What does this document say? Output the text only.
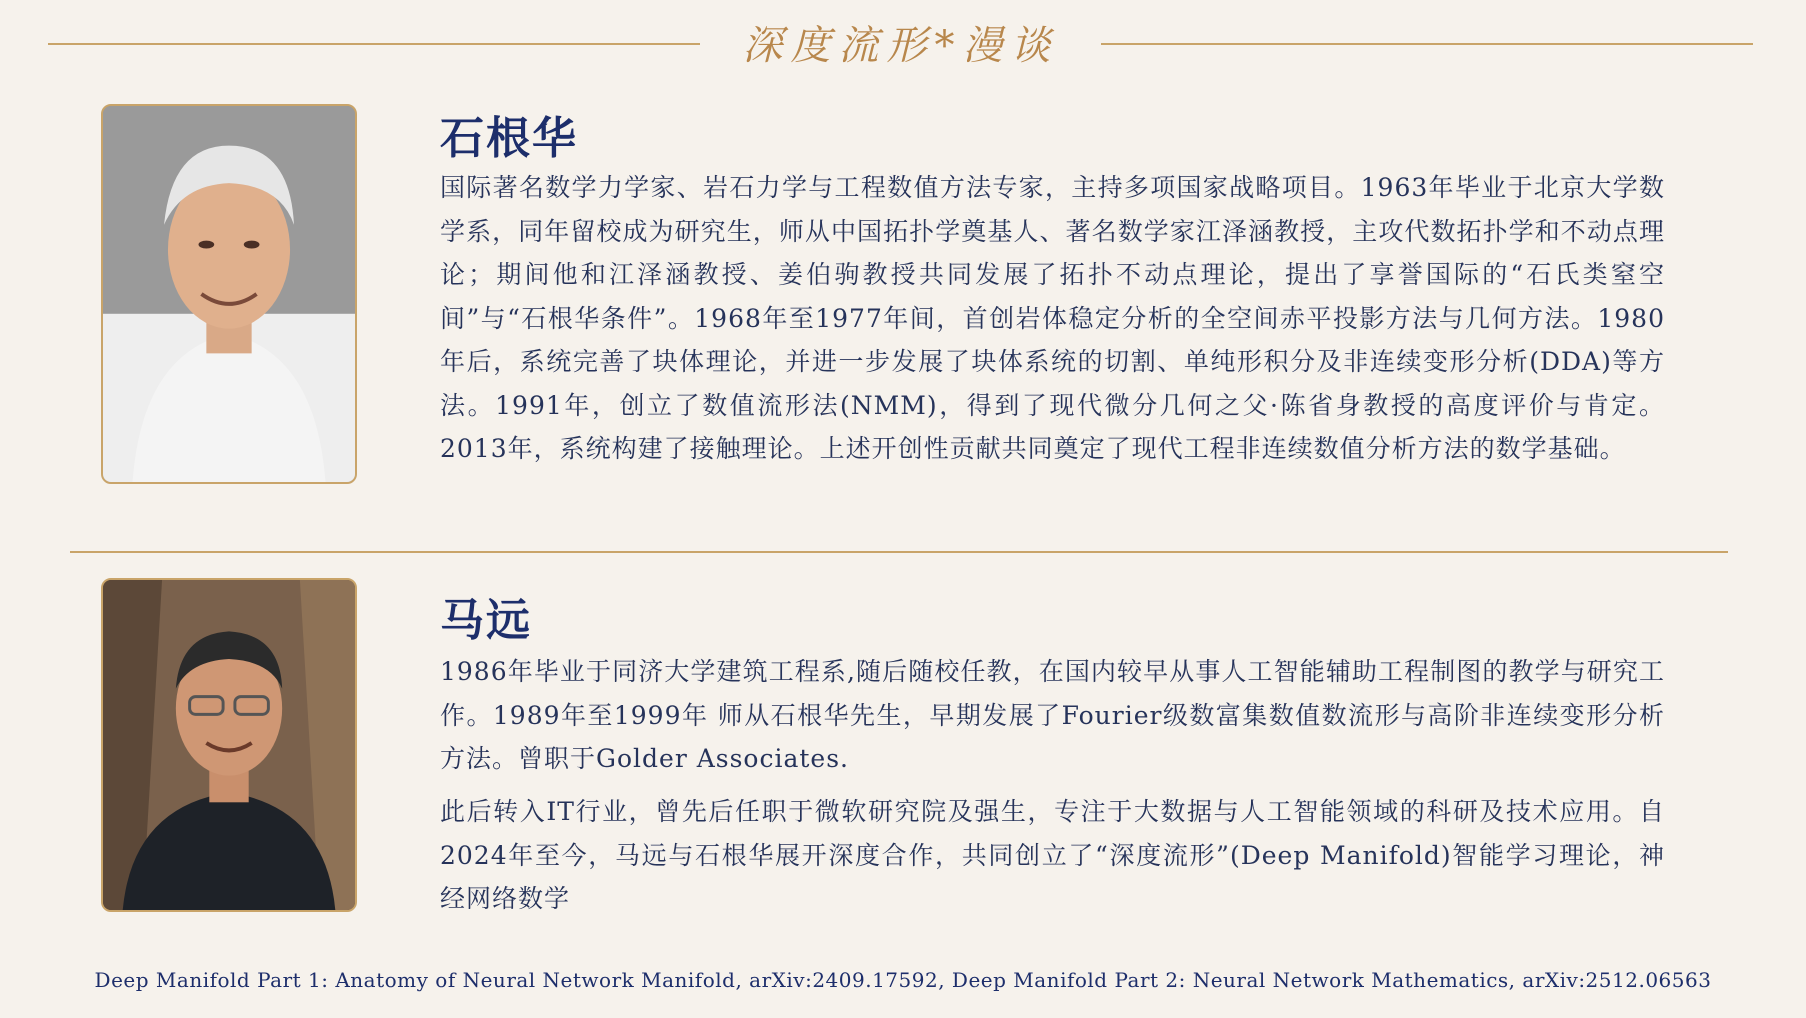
深度流形*漫谈
石根华
国际著名数学力学家、岩石力学与工程数值方法专家，主持多项国家战略项目。1963年毕业于北京大学数学系，同年留校成为研究生，师从中国拓扑学奠基人、著名数学家江泽涵教授，主攻代数拓扑学和不动点理论；期间他和江泽涵教授、姜伯驹教授共同发展了拓扑不动点理论，提出了享誉国际的“石氏类窒空间”与“石根华条件”。1968年至1977年间，首创岩体稳定分析的全空间赤平投影方法与几何方法。1980年后，系统完善了块体理论，并进一步发展了块体系统的切割、单纯形积分及非连续变形分析(DDA)等方法。1991年，创立了数值流形法(NMM)，得到了现代微分几何之父·陈省身教授的高度评价与肯定。2013年，系统构建了接触理论。上述开创性贡献共同奠定了现代工程非连续数值分析方法的数学基础。
马远
1986年毕业于同济大学建筑工程系,随后随校任教，在国内较早从事人工智能辅助工程制图的教学与研究工作。1989年至1999年 师从石根华先生，早期发展了Fourier级数富集数值数流形与高阶非连续变形分析方法。曾职于Golder Associates.
此后转入IT行业，曾先后任职于微软研究院及强生，专注于大数据与人工智能领域的科研及技术应用。自2024年至今，马远与石根华展开深度合作，共同创立了“深度流形”(Deep Manifold)智能学习理论，神经网络数学
Deep Manifold Part 1: Anatomy of Neural Network Manifold, arXiv:2409.17592, Deep Manifold Part 2: Neural Network Mathematics, arXiv:2512.06563
